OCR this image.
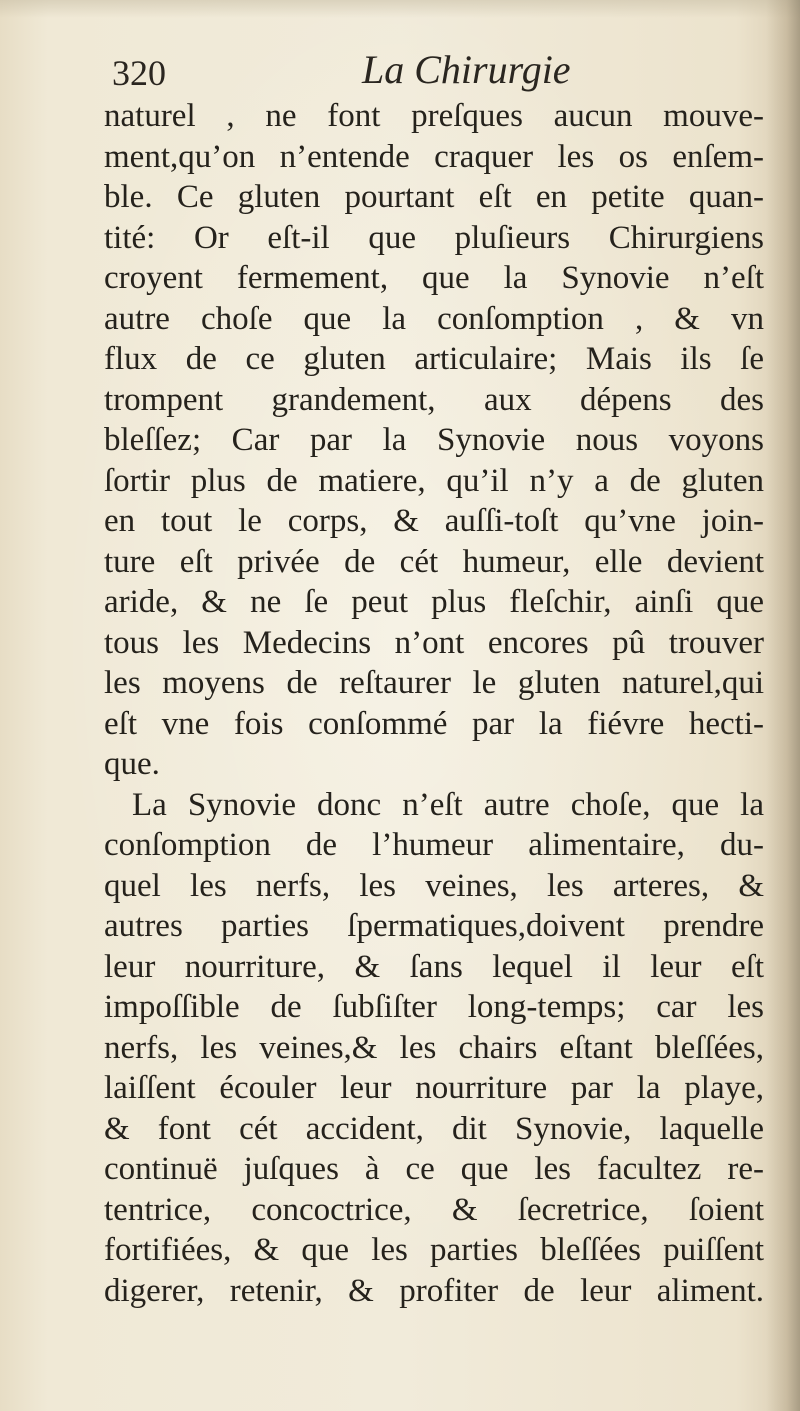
320	La Chirurgie
naturel , ne font preſques aucun mouve-
ment,qu’on n’entende craquer les os enſem-
ble. Ce gluten pourtant eſt en petite quan-
tité: Or eſt-il que pluſieurs Chirurgiens
croyent fermement, que la Synovie n’eſt
autre choſe que la conſomption , & vn
flux de ce gluten articulaire; Mais ils ſe
trompent grandement, aux dépens des
bleſſez; Car par la Synovie nous voyons
ſortir plus de matiere, qu’il n’y a de gluten
en tout le corps, & auſſi-toſt qu’vne join-
ture eſt privée de cét humeur, elle devient
aride, & ne ſe peut plus fleſchir, ainſi que
tous les Medecins n’ont encores pû trouver
les moyens de reſtaurer le gluten naturel,qui
eſt vne fois conſommé par la fiévre hecti-
que.
La Synovie donc n’eſt autre choſe, que la
conſomption de l’humeur alimentaire, du-
quel les nerfs, les veines, les arteres, &
autres parties ſpermatiques,doivent prendre
leur nourriture, & ſans lequel il leur eſt
impoſſible de ſubſiſter long-temps; car les
nerfs, les veines,& les chairs eſtant bleſſées,
laiſſent écouler leur nourriture par la playe,
& font cét accident, dit Synovie, laquelle
continuë juſques à ce que les facultez re-
tentrice, concoctrice, & ſecretrice, ſoient
fortifiées, & que les parties bleſſées puiſſent
digerer, retenir, & profiter de leur aliment.
